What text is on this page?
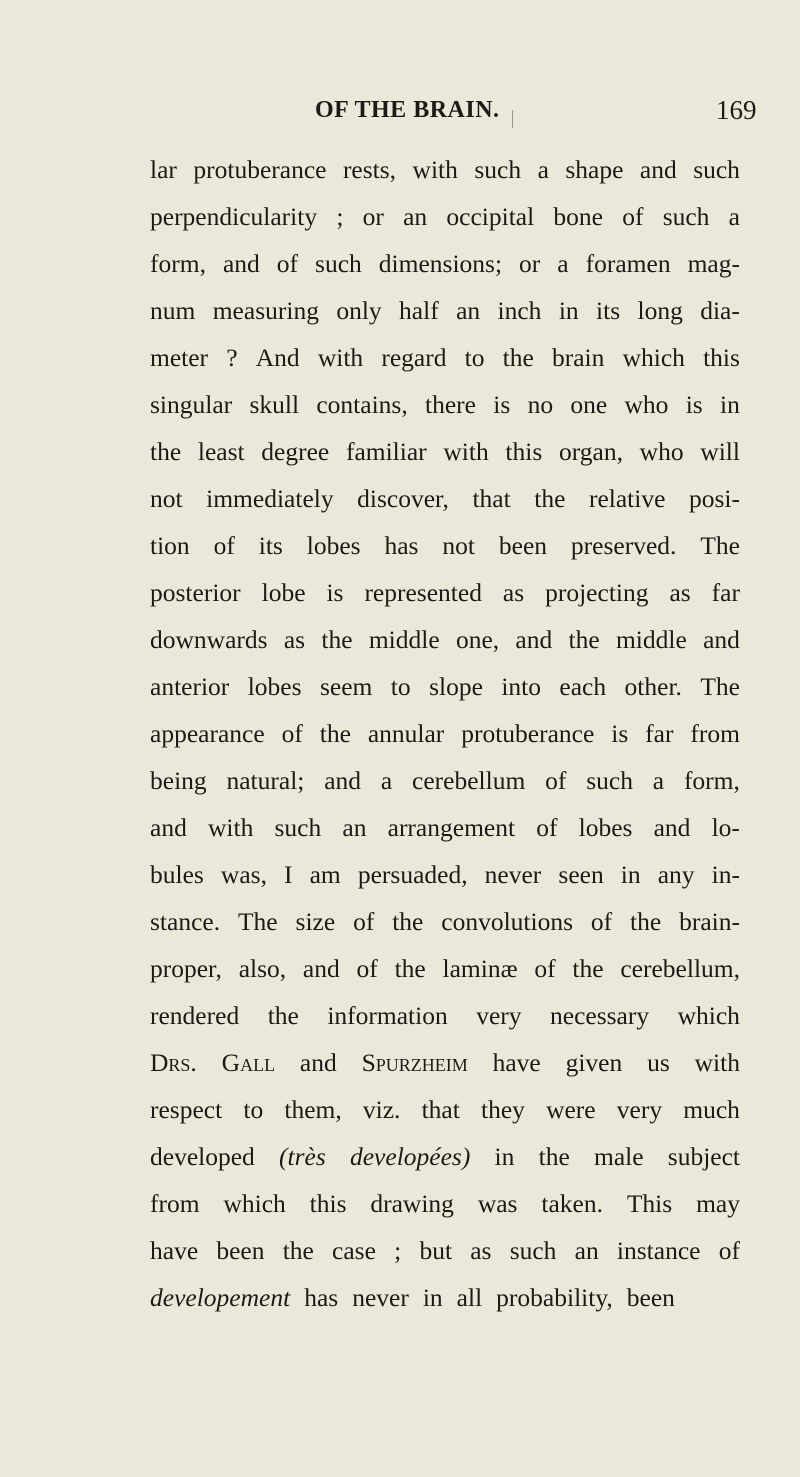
OF THE BRAIN.	169
lar protuberance rests, with such a shape and such
perpendicularity ; or an occipital bone of such a
form, and of such dimensions; or a foramen mag-
num measuring only half an inch in its long dia-
meter ? And with regard to the brain which this
singular skull contains, there is no one who is in
the least degree familiar with this organ, who will
not immediately discover, that the relative posi-
tion of its lobes has not been preserved. The
posterior lobe is represented as projecting as far
downwards as the middle one, and the middle and
anterior lobes seem to slope into each other. The
appearance of the annular protuberance is far from
being natural; and a cerebellum of such a form,
and with such an arrangement of lobes and lo-
bules was, I am persuaded, never seen in any in-
stance. The size of the convolutions of the brain-
proper, also, and of the laminæ of the cerebellum,
rendered the information very necessary which
Drs. Gall and Spurzheim have given us with
respect to them, viz. that they were very much
developed (très developées) in the male subject
from which this drawing was taken. This may
have been the case ; but as such an instance of
developement has never in all probability, been
